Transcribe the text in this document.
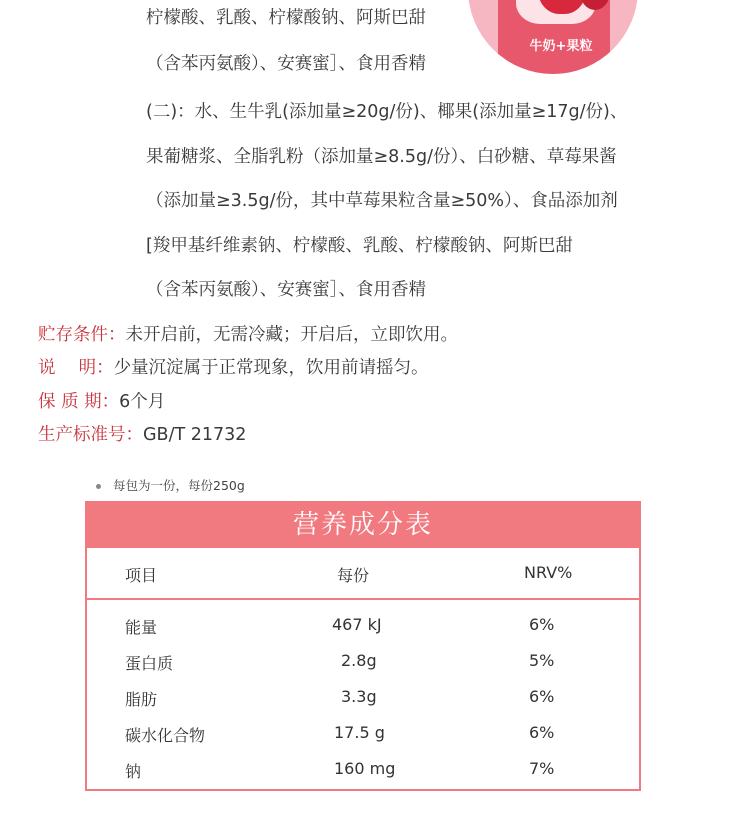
牛奶+果粒
柠檬酸、乳酸、柠檬酸钠、阿斯巴甜
（含苯丙氨酸）、安赛蜜］、食用香精
(二)：水、生牛乳(添加量≥20g/份)、椰果(添加量≥17g/份)、
果葡糖浆、全脂乳粉（添加量≥8.5g/份）、白砂糖、草莓果酱
（添加量≥3.5g/份，其中草莓果粒含量≥50%）、食品添加剂
[羧甲基纤维素钠、柠檬酸、乳酸、柠檬酸钠、阿斯巴甜
（含苯丙氨酸）、安赛蜜］、食用香精
贮存条件：未开启前，无需冷藏；开启后，立即饮用。
说　 明：少量沉淀属于正常现象，饮用前请摇匀。
保 质 期：6个月
生产标准号：GB/T 21732
每包为一份，每份250g
营养成分表
项目	每份	NRV%
能量	467 kJ	6%
蛋白质	2.8g	5%
脂肪	3.3g	6%
碳水化合物	17.5 g	6%
钠	160 mg	7%
